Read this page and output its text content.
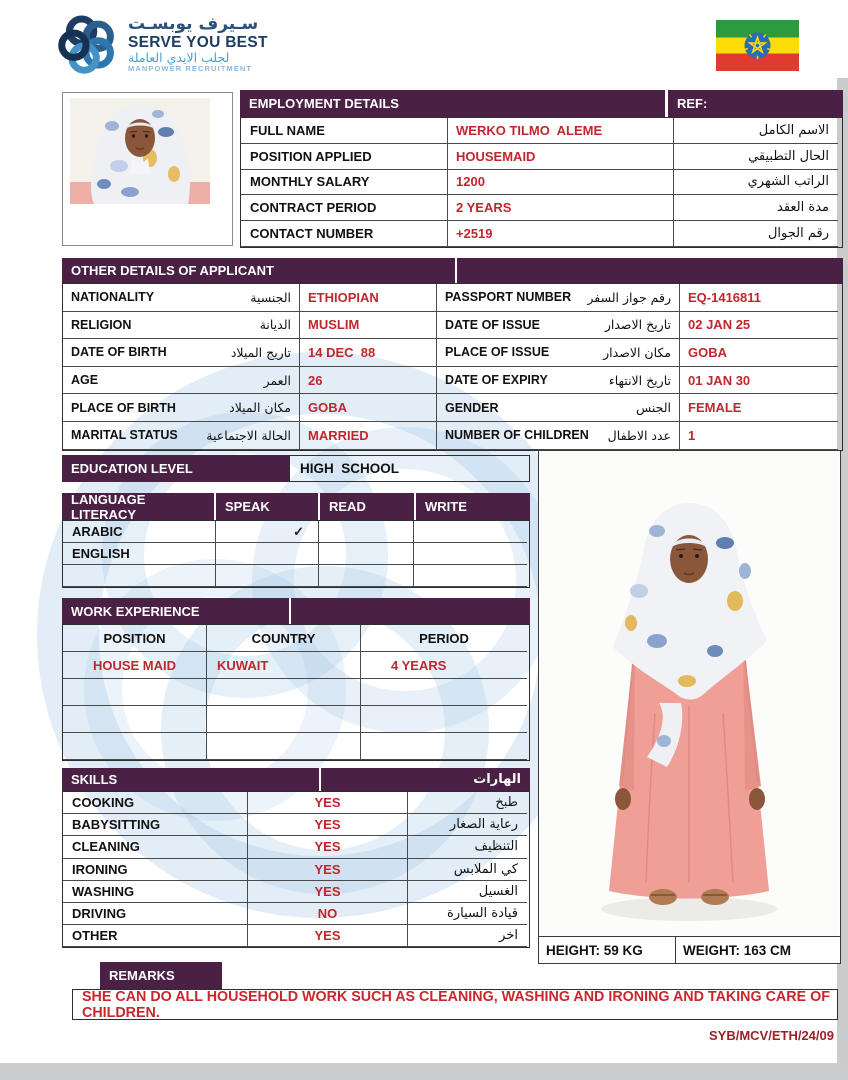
سـيرف يوبسـت
SERVE YOU BEST
لجلب الايدي العاملة
MANPOWER RECRUITMENT
EMPLOYMENT DETAILS	REF:
FULL NAME	WERKO TILMO  ALEME	الاسم الكامل
POSITION APPLIED	HOUSEMAID	الحال التطبيقي
MONTHLY SALARY	1200	الراتب الشهري
CONTRACT PERIOD	2 YEARS	مدة العقد
CONTACT NUMBER	+2519	رقم الجوال
OTHER DETAILS OF APPLICANT
NATIONALITY	الجنسية	ETHIOPIAN	PASSPORT NUMBER رقم جواز السفر	EQ-1416811
RELIGION	الديانة	MUSLIM	DATE OF ISSUE	تاريخ الاصدار	02 JAN 25
DATE OF BIRTH	تاريج الميلاد	14 DEC  88	PLACE OF ISSUE	مكان الاصدار	GOBA
AGE	العمر	26	DATE OF EXPIRY	تاريخ الانتهاء	01 JAN 30
PLACE OF BIRTH	مكان الميلاد	GOBA	GENDER	الجنس	FEMALE
MARITAL STATUS الحالة الاجتماعية	MARRIED	NUMBER OF CHILDREN عدد الاطفال	1
EDUCATION LEVEL	HIGH  SCHOOL
LANGUAGE LITERACY	SPEAK	READ	WRITE
ARABIC	✓
ENGLISH
WORK EXPERIENCE
POSITION	COUNTRY	PERIOD
HOUSE MAID	KUWAIT	4 YEARS
SKILLS	الهارات
COOKING	YES	طبخ
BABYSITTING	YES	رعاية الصغار
CLEANING	YES	التنظيف
IRONING	YES	كي الملابس
WASHING	YES	الغسيل
DRIVING	NO	قيادة السيارة
OTHER	YES	اخر
HEIGHT: 59 KG	WEIGHT: 163 CM
REMARKS
SHE CAN DO ALL HOUSEHOLD WORK SUCH AS CLEANING, WASHING AND IRONING AND TAKING CARE OF CHILDREN.
SYB/MCV/ETH/24/09
